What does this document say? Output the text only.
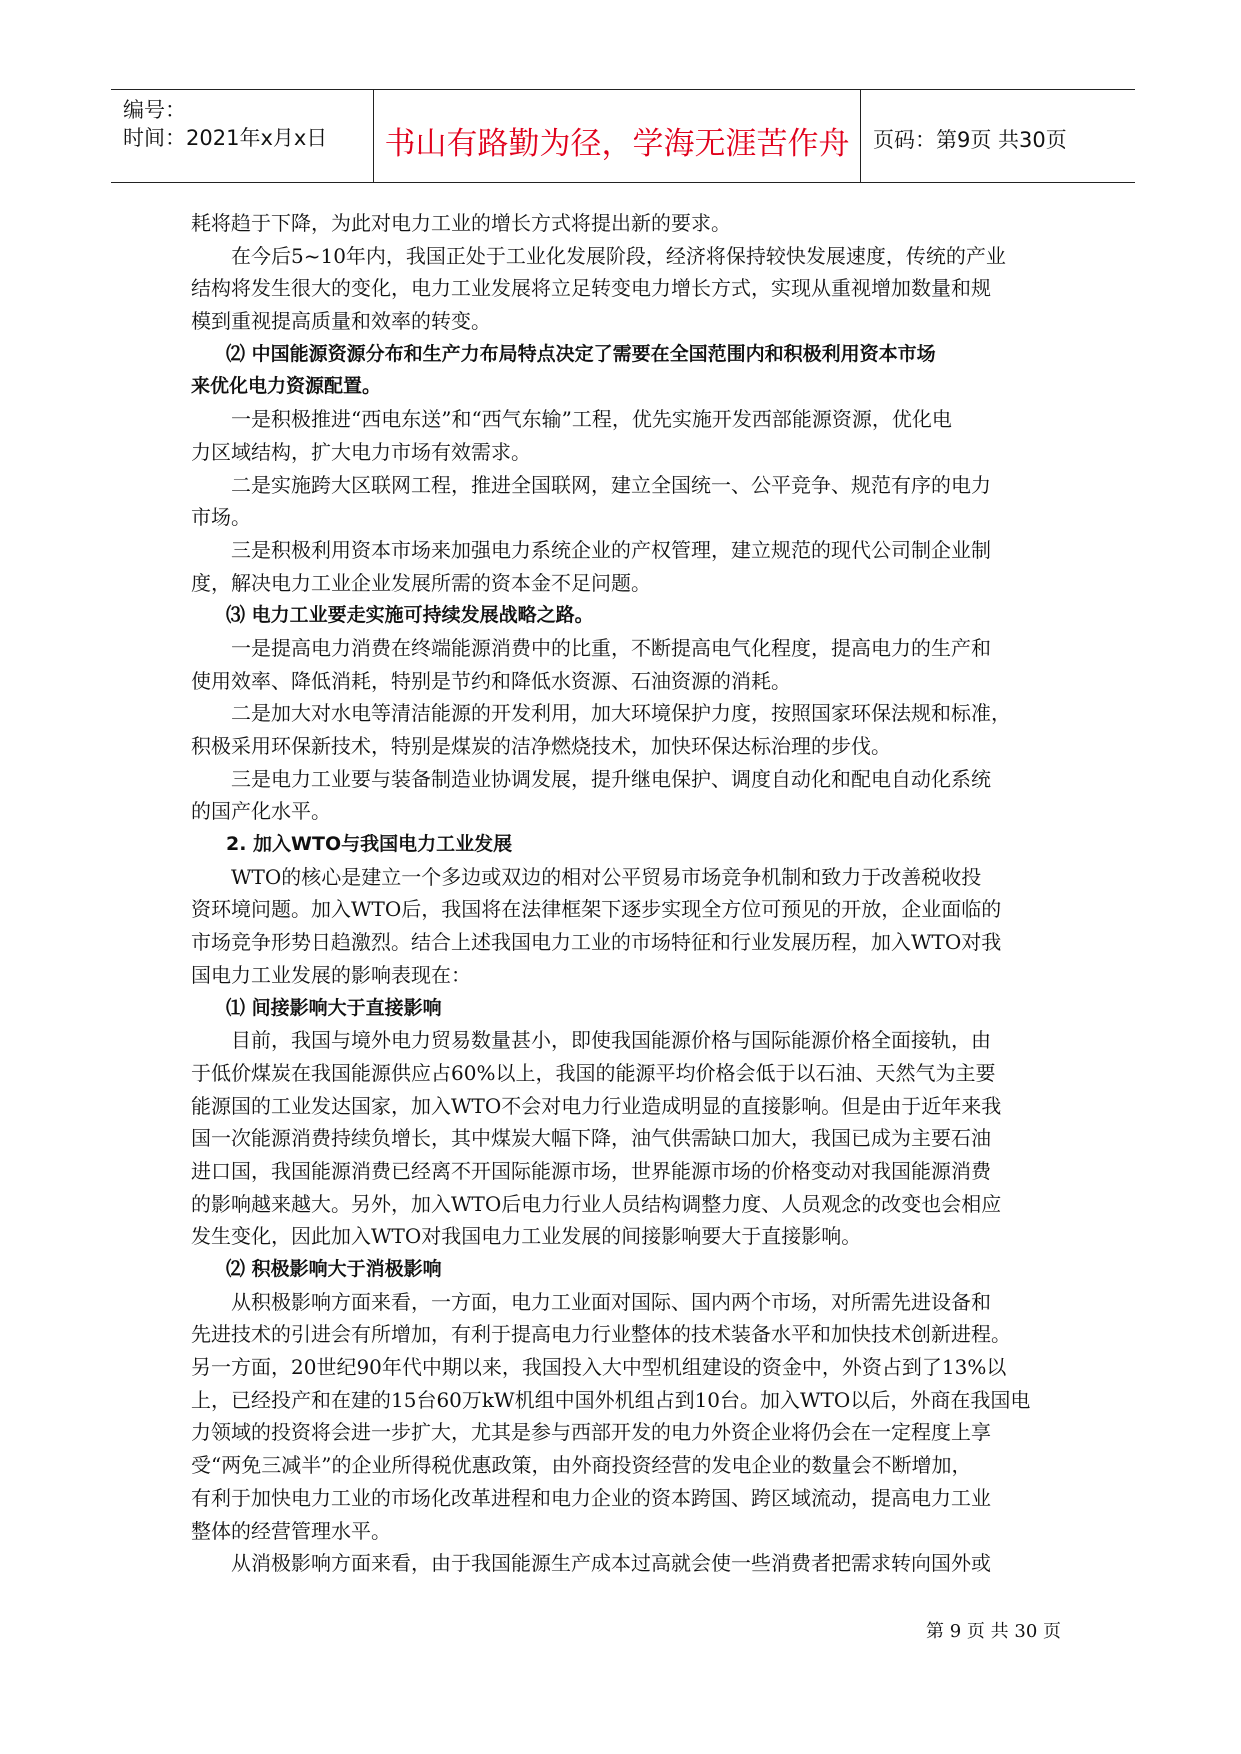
编号：
时间：2021年x月x日	书山有路勤为径，学海无涯苦作舟	页码：第9页 共30页
耗将趋于下降，为此对电力工业的增长方式将提出新的要求。
在今后5~10年内，我国正处于工业化发展阶段，经济将保持较快发展速度，传统的产业
结构将发生很大的变化，电力工业发展将立足转变电力增长方式，实现从重视增加数量和规
模到重视提高质量和效率的转变。
⑵ 中国能源资源分布和生产力布局特点决定了需要在全国范围内和积极利用资本市场
来优化电力资源配置。
一是积极推进“西电东送”和“西气东输”工程，优先实施开发西部能源资源，优化电
力区域结构，扩大电力市场有效需求。
二是实施跨大区联网工程，推进全国联网，建立全国统一、公平竞争、规范有序的电力
市场。
三是积极利用资本市场来加强电力系统企业的产权管理，建立规范的现代公司制企业制
度，解决电力工业企业发展所需的资本金不足问题。
⑶ 电力工业要走实施可持续发展战略之路。
一是提高电力消费在终端能源消费中的比重，不断提高电气化程度，提高电力的生产和
使用效率、降低消耗，特别是节约和降低水资源、石油资源的消耗。
二是加大对水电等清洁能源的开发利用，加大环境保护力度，按照国家环保法规和标准，
积极采用环保新技术，特别是煤炭的洁净燃烧技术，加快环保达标治理的步伐。
三是电力工业要与装备制造业协调发展，提升继电保护、调度自动化和配电自动化系统
的国产化水平。
2. 加入WTO与我国电力工业发展
WTO的核心是建立一个多边或双边的相对公平贸易市场竞争机制和致力于改善税收投
资环境问题。加入WTO后，我国将在法律框架下逐步实现全方位可预见的开放，企业面临的
市场竞争形势日趋激烈。结合上述我国电力工业的市场特征和行业发展历程，加入WTO对我
国电力工业发展的影响表现在：
⑴ 间接影响大于直接影响
目前，我国与境外电力贸易数量甚小，即使我国能源价格与国际能源价格全面接轨，由
于低价煤炭在我国能源供应占60%以上，我国的能源平均价格会低于以石油、天然气为主要
能源国的工业发达国家，加入WTO不会对电力行业造成明显的直接影响。但是由于近年来我
国一次能源消费持续负增长，其中煤炭大幅下降，油气供需缺口加大，我国已成为主要石油
进口国，我国能源消费已经离不开国际能源市场，世界能源市场的价格变动对我国能源消费
的影响越来越大。另外，加入WTO后电力行业人员结构调整力度、人员观念的改变也会相应
发生变化，因此加入WTO对我国电力工业发展的间接影响要大于直接影响。
⑵ 积极影响大于消极影响
从积极影响方面来看，一方面，电力工业面对国际、国内两个市场，对所需先进设备和
先进技术的引进会有所增加，有利于提高电力行业整体的技术装备水平和加快技术创新进程。
另一方面，20世纪90年代中期以来，我国投入大中型机组建设的资金中，外资占到了13%以
上，已经投产和在建的15台60万kW机组中国外机组占到10台。加入WTO以后，外商在我国电
力领域的投资将会进一步扩大，尤其是参与西部开发的电力外资企业将仍会在一定程度上享
受“两免三减半”的企业所得税优惠政策，由外商投资经营的发电企业的数量会不断增加，
有利于加快电力工业的市场化改革进程和电力企业的资本跨国、跨区域流动，提高电力工业
整体的经营管理水平。
从消极影响方面来看，由于我国能源生产成本过高就会使一些消费者把需求转向国外或
第 9 页 共 30 页
